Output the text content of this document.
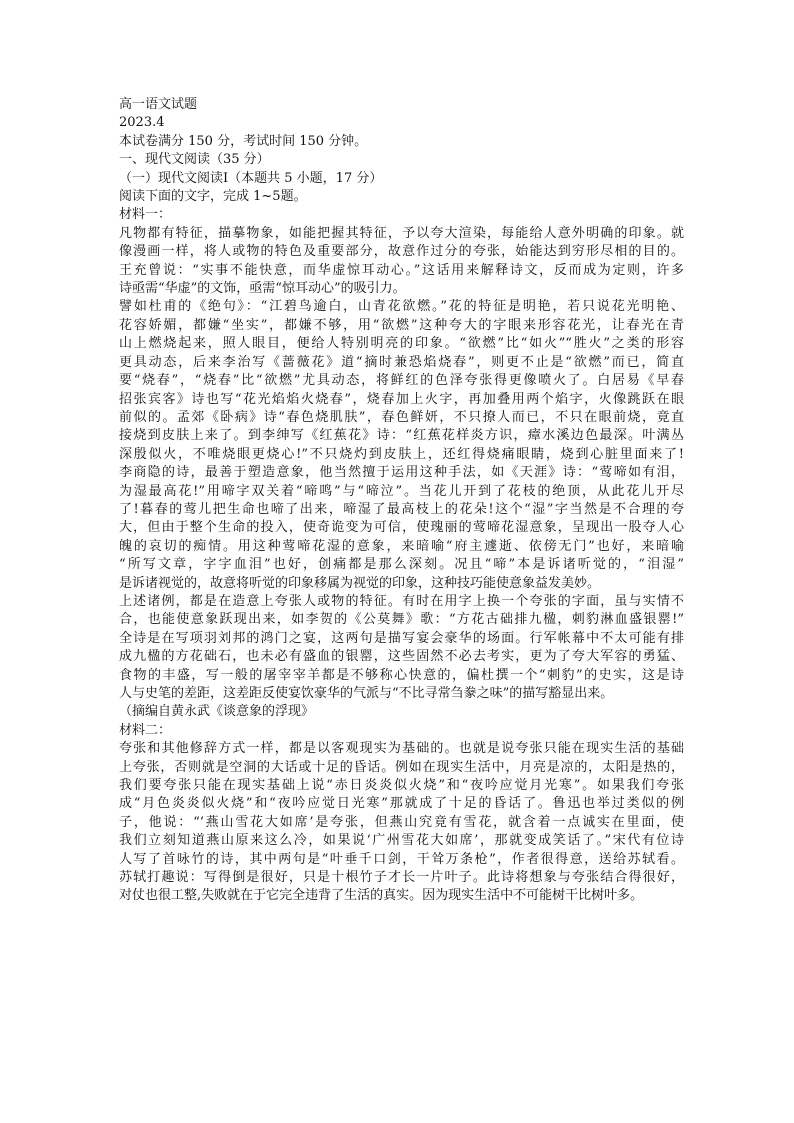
高一语文试题
2023.4
本试卷满分 150 分，考试时间 150 分钟。
一、现代文阅读（35 分）
（一）现代文阅读Ⅰ（本题共 5 小题，17 分）
阅读下面的文字，完成 1~5题。
材料一：
凡物都有特征，描摹物象，如能把握其特征，予以夸大渲染，每能给人意外明确的印象。就
像漫画一样，将人或物的特色及重要部分，故意作过分的夸张，始能达到穷形尽相的目的。
王充曾说：“实事不能快意，而华虚惊耳动心。”这话用来解释诗文，反而成为定则，许多
诗亟需“华虚”的文饰，亟需“惊耳动心”的吸引力。
譬如杜甫的《绝句》：“江碧鸟逾白，山青花欲燃。”花的特征是明艳，若只说花光明艳、
花容娇媚，都嫌“坐实”，都嫌不够，用“欲燃”这种夸大的字眼来形容花光，让春光在青
山上燃烧起来，照人眼目，便给人特别明亮的印象。“欲燃”比“如火”“胜火”之类的形容
更具动态，后来李治写《蔷薇花》道“摘时兼恐焰烧春”，则更不止是“欲燃”而已，简直
要“烧春”，“烧春”比“欲燃”尤具动态，将鲜红的色泽夸张得更像喷火了。白居易《早春
招张宾客》诗也写“花光焰焰火烧春”，烧春加上火字，再加叠用两个焰字，火像跳跃在眼
前似的。孟郊《卧病》诗“春色烧肌肤”，春色鲜妍，不只撩人而已，不只在眼前烧，竟直
接烧到皮肤上来了。到李绅写《红蕉花》诗：“红蕉花样炎方识，瘴水溪边色最深。叶满丛
深殷似火，不唯烧眼更烧心!”不只烧灼到皮肤上，还红得烧痛眼睛，烧到心脏里面来了!
李商隐的诗，最善于塑造意象，他当然擅于运用这种手法，如《天涯》诗：“莺啼如有泪，
为湿最高花!”用啼字双关着“啼鸣”与“啼泣”。当花儿开到了花枝的绝顶，从此花儿开尽
了!暮春的莺儿把生命也啼了出来，啼湿了最高枝上的花朵!这个“湿”字当然是不合理的夸
大，但由于整个生命的投入，使奇诡变为可信，使瑰丽的莺啼花湿意象，呈现出一股夺人心
魄的哀切的痴情。用这种莺啼花湿的意象，来暗喻“府主遽逝、依傍无门”也好，来暗喻
“所写文章，字字血泪”也好，创痛都是那么深刻。况且“啼”本是诉诸听觉的，“泪湿”
是诉诸视觉的，故意将听觉的印象移属为视觉的印象，这种技巧能使意象益发美妙。
上述诸例，都是在造意上夸张人或物的特征。有时在用字上换一个夸张的字面，虽与实情不
合，也能使意象跃现出来，如李贺的《公莫舞》歌：“方花古础排九楹，刺豹淋血盛银罂!”
全诗是在写项羽刘邦的鸿门之宴，这两句是描写宴会豪华的场面。行军帐幕中不太可能有排
成九楹的方花础石，也未必有盛血的银罂，这些固然不必去考实，更为了夸大军容的勇猛、
食物的丰盛，写一般的屠宰宰羊都是不够称心快意的，偏杜撰一个“刺豹”的史实，这是诗
人与史笔的差距，这差距反使宴饮豪华的气派与“不比寻常刍豢之味”的描写豁显出来。
（摘编自黄永武《谈意象的浮现》
材料二：
夸张和其他修辞方式一样，都是以客观现实为基础的。也就是说夸张只能在现实生活的基础
上夸张，否则就是空洞的大话或十足的昏话。例如在现实生活中，月亮是凉的，太阳是热的，
我们要夸张只能在现实基础上说“赤日炎炎似火烧”和“夜吟应觉月光寒”。如果我们夸张
成“月色炎炎似火烧”和“夜吟应觉日光寒”那就成了十足的昏话了。鲁迅也举过类似的例
子，他说：“‘燕山雪花大如席’是夸张，但燕山究竟有雪花，就含着一点诚实在里面，使
我们立刻知道燕山原来这么冷，如果说‘广州雪花大如席’，那就变成笑话了。”宋代有位诗
人写了首咏竹的诗，其中两句是“叶垂千口剑，干耸万条枪”，作者很得意，送给苏轼看。
苏轼打趣说：写得倒是很好，只是十根竹子才长一片叶子。此诗将想象与夸张结合得很好，
对仗也很工整,失败就在于它完全违背了生活的真实。因为现实生活中不可能树干比树叶多。
